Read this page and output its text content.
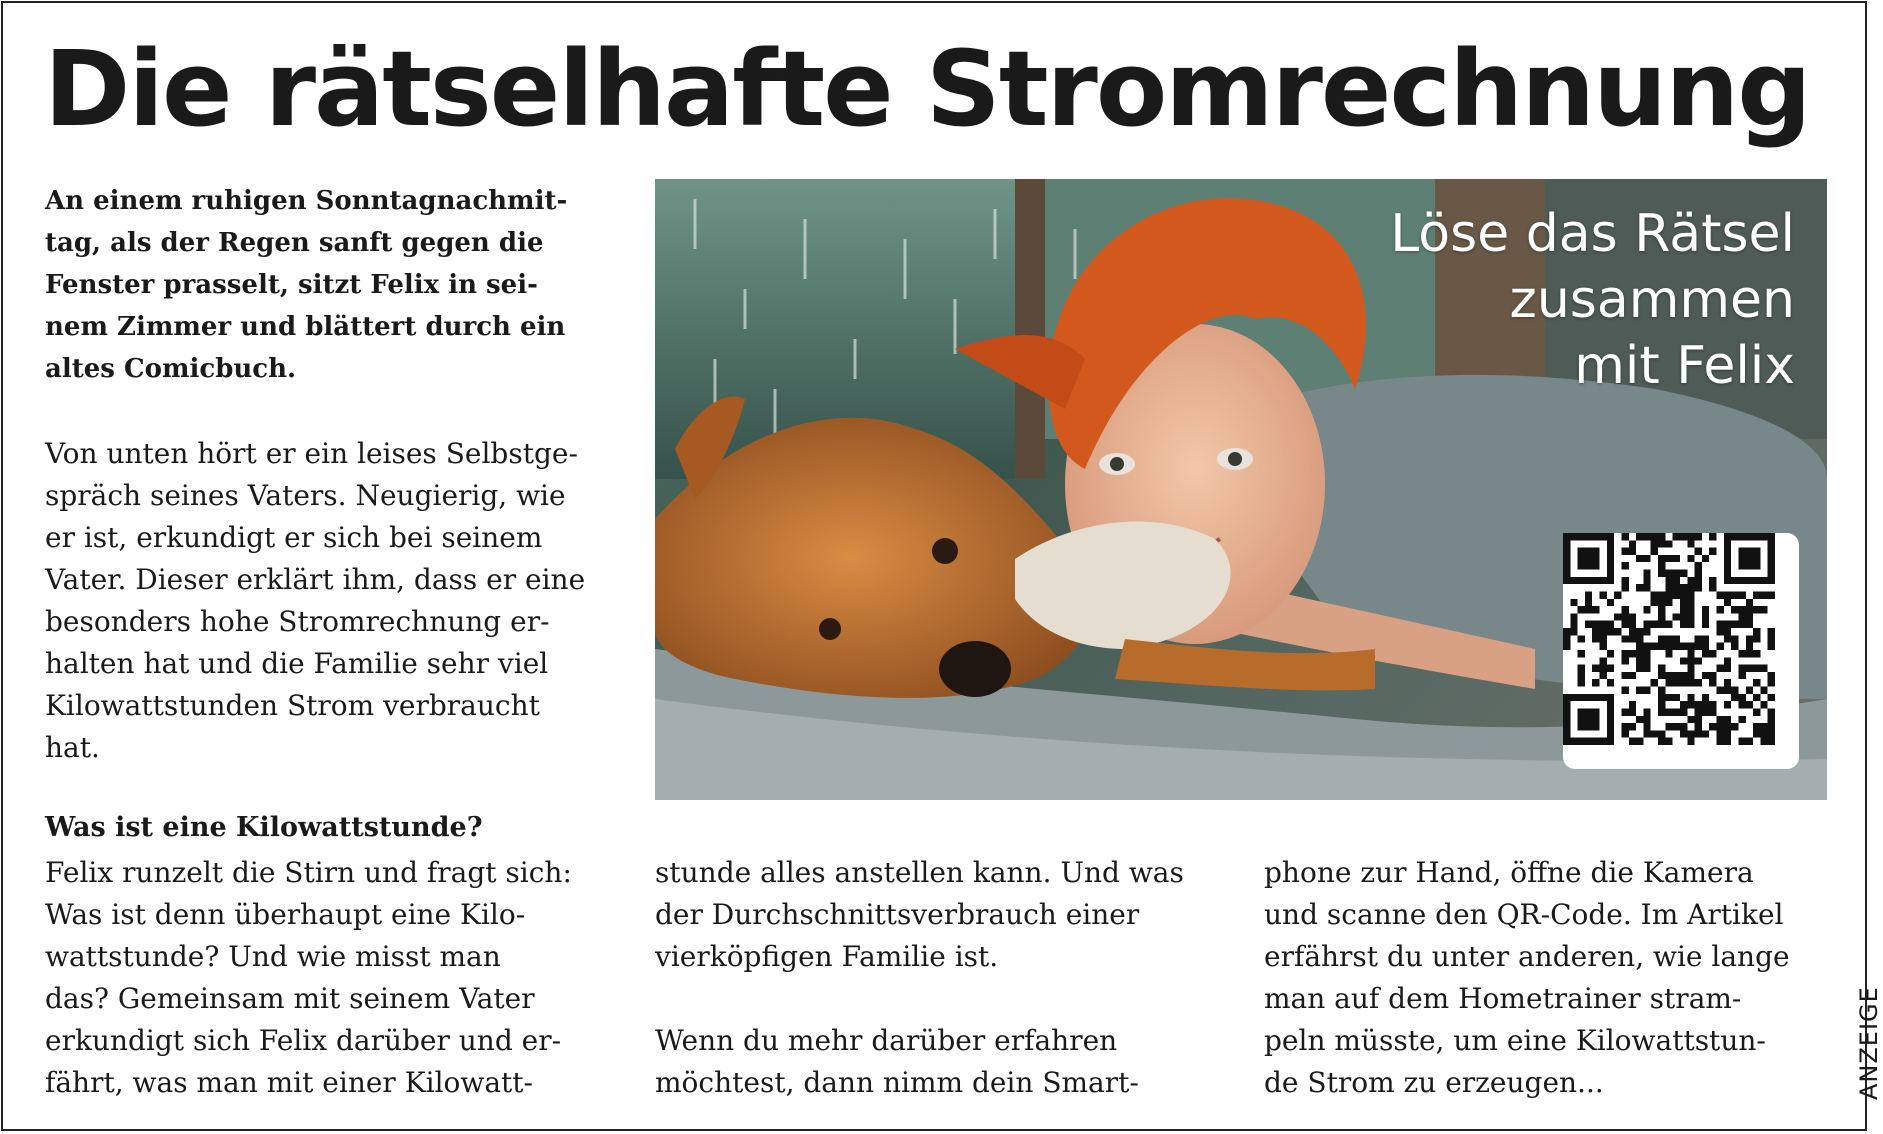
Die rätselhafte Stromrechnung

An einem ruhigen Sonntagnachmit-

tag, als der Regen sanft gegen die

Fenster prasselt, sitzt Felix in sei-

nem Zimmer und blättert durch ein

altes Comicbuch.

Von unten hört er ein leises Selbstge-

spräch seines Vaters. Neugierig, wie

er ist, erkundigt er sich bei seinem

Vater. Dieser erklärt ihm, dass er eine

besonders hohe Stromrechnung er-

halten hat und die Familie sehr viel

Kilowattstunden Strom verbraucht

hat.

Löse das Rätsel
zusammen
mit Felix
Was ist eine Kilowattstunde?

Felix runzelt die Stirn und fragt sich:

Was ist denn überhaupt eine Kilo-

wattstunde? Und wie misst man

das? Gemeinsam mit seinem Vater

erkundigt sich Felix darüber und er-

fährt, was man mit einer Kilowatt-

stunde alles anstellen kann. Und was

der Durchschnittsverbrauch einer

vierköpfigen Familie ist.

Wenn du mehr darüber erfahren

möchtest, dann nimm dein Smart-

phone zur Hand, öffne die Kamera

und scanne den QR-Code. Im Artikel

erfährst du unter anderen, wie lange

man auf dem Hometrainer stram-

peln müsste, um eine Kilowattstun-

de Strom zu erzeugen...	ANZEIGE
